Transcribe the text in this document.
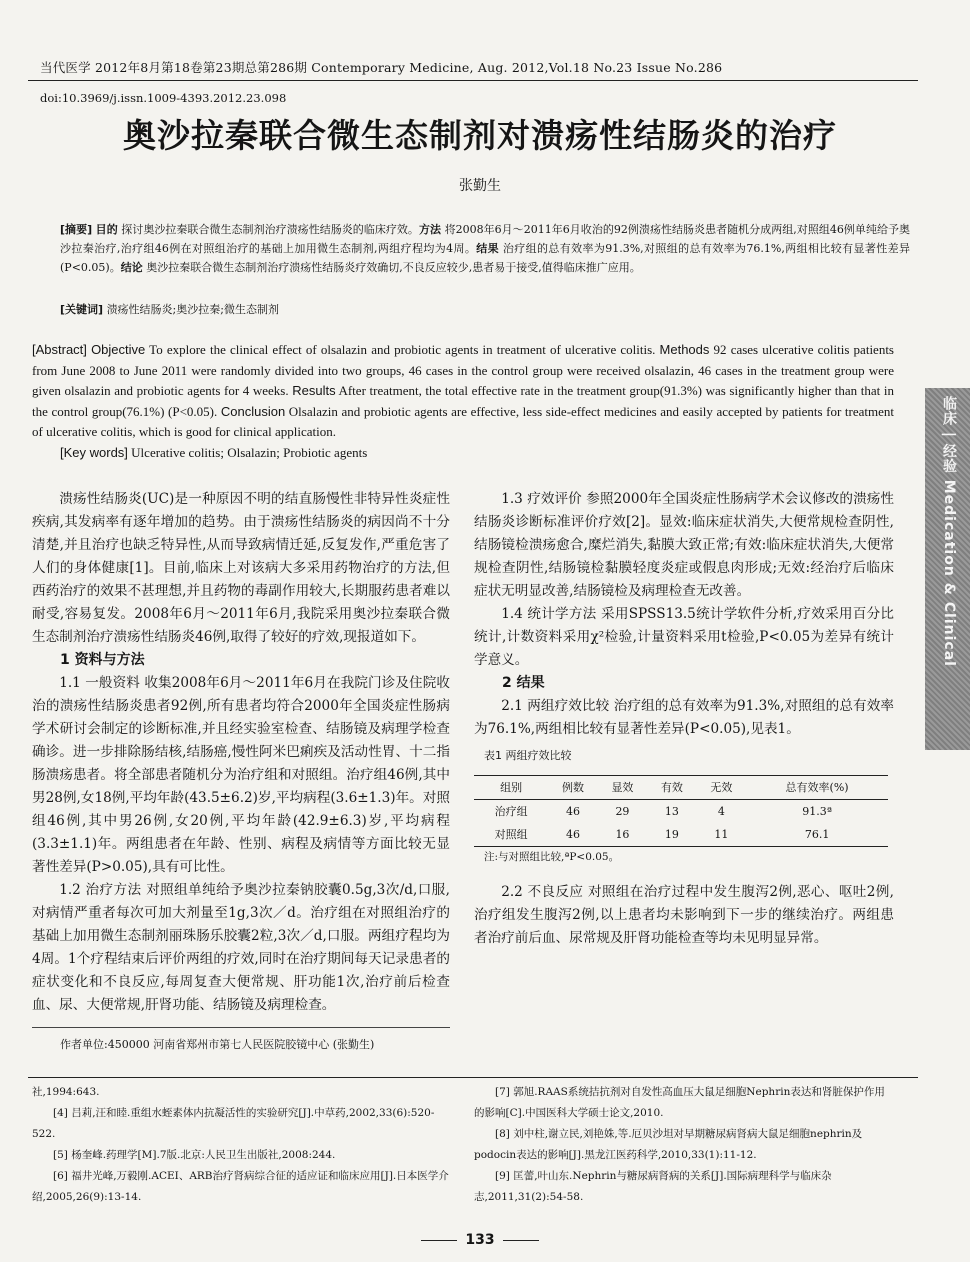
当代医学 2012年8月第18卷第23期总第286期 Contemporary Medicine, Aug. 2012,Vol.18 No.23 Issue No.286
doi:10.3969/j.issn.1009-4393.2012.23.098
奥沙拉秦联合微生态制剂对溃疡性结肠炎的治疗
张勤生
[摘要] 目的 探讨奥沙拉秦联合微生态制剂治疗溃疡性结肠炎的临床疗效。方法 将2008年6月～2011年6月收治的92例溃疡性结肠炎患者随机分成两组,对照组46例单纯给予奥沙拉秦治疗,治疗组46例在对照组治疗的基础上加用微生态制剂,两组疗程均为4周。结果 治疗组的总有效率为91.3%,对照组的总有效率为76.1%,两组相比较有显著性差异(P<0.05)。结论 奥沙拉秦联合微生态制剂治疗溃疡性结肠炎疗效确切,不良反应较少,患者易于接受,值得临床推广应用。
[关键词] 溃疡性结肠炎;奥沙拉秦;微生态制剂
[Abstract] Objective To explore the clinical effect of olsalazin and probiotic agents in treatment of ulcerative colitis. Methods 92 cases ulcerative colitis patients from June 2008 to June 2011 were randomly divided into two groups, 46 cases in the control group were received olsalazin, 46 cases in the treatment group were given olsalazin and probiotic agents for 4 weeks. Results After treatment, the total effective rate in the treatment group(91.3%) was significantly higher than that in the control group(76.1%) (P<0.05). Conclusion Olsalazin and probiotic agents are effective, less side-effect medicines and easily accepted by patients for treatment of ulcerative colitis, which is good for clinical application.
[Key words] Ulcerative colitis; Olsalazin; Probiotic agents

溃疡性结肠炎(UC)是一种原因不明的结直肠慢性非特异性炎症性疾病,其发病率有逐年增加的趋势。由于溃疡性结肠炎的病因尚不十分清楚,并且治疗也缺乏特异性,从而导致病情迁延,反复发作,严重危害了人们的身体健康[1]。目前,临床上对该病大多采用药物治疗的方法,但西药治疗的效果不甚理想,并且药物的毒副作用较大,长期服药患者难以耐受,容易复发。2008年6月～2011年6月,我院采用奥沙拉秦联合微生态制剂治疗溃疡性结肠炎46例,取得了较好的疗效,现报道如下。

1 资料与方法

1.1 一般资料 收集2008年6月～2011年6月在我院门诊及住院收治的溃疡性结肠炎患者92例,所有患者均符合2000年全国炎症性肠病学术研讨会制定的诊断标准,并且经实验室检查、结肠镜及病理学检查确诊。进一步排除肠结核,结肠癌,慢性阿米巴痢疾及活动性胃、十二指肠溃疡患者。将全部患者随机分为治疗组和对照组。治疗组46例,其中男28例,女18例,平均年龄(43.5±6.2)岁,平均病程(3.6±1.3)年。对照组46例,其中男26例,女20例,平均年龄(42.9±6.3)岁,平均病程(3.3±1.1)年。两组患者在年龄、性别、病程及病情等方面比较无显著性差异(P>0.05),具有可比性。

1.2 治疗方法 对照组单纯给予奥沙拉秦钠胶囊0.5g,3次/d,口服,对病情严重者每次可加大剂量至1g,3次／d。治疗组在对照组治疗的基础上加用微生态制剂丽珠肠乐胶囊2粒,3次／d,口服。两组疗程均为4周。1个疗程结束后评价两组的疗效,同时在治疗期间每天记录患者的症状变化和不良反应,每周复查大便常规、肝功能1次,治疗前后检查血、尿、大便常规,肝肾功能、结肠镜及病理检查。

1.3 疗效评价 参照2000年全国炎症性肠病学术会议修改的溃疡性结肠炎诊断标准评价疗效[2]。显效:临床症状消失,大便常规检查阴性,结肠镜检溃疡愈合,糜烂消失,黏膜大致正常;有效:临床症状消失,大便常规检查阴性,结肠镜检黏膜轻度炎症或假息肉形成;无效:经治疗后临床症状无明显改善,结肠镜检及病理检查无改善。

1.4 统计学方法 采用SPSS13.5统计学软件分析,疗效采用百分比统计,计数资料采用χ²检验,计量资料采用t检验,P<0.05为差异有统计学意义。

2 结果

2.1 两组疗效比较 治疗组的总有效率为91.3%,对照组的总有效率为76.1%,两组相比较有显著性差异(P<0.05),见表1。

表1 两组疗效比较
组别	例数	显效	有效	无效	总有效率(%)
治疗组	46	29	13	4	91.3ª
对照组	46	16	19	11	76.1
注:与对照组比较,ªP<0.05。

2.2 不良反应 对照组在治疗过程中发生腹泻2例,恶心、呕吐2例,治疗组发生腹泻2例,以上患者均未影响到下一步的继续治疗。两组患者治疗前后血、尿常规及肝肾功能检查等均未见明显异常。

作者单位:450000 河南省郑州市第七人民医院胶镜中心 (张勤生)

社,1994:643.

[4] 吕莉,汪和睦.重组水蛭素体内抗凝活性的实验研究[J].中草药,2002,33(6):520-522.

[5] 杨奎峰.药理学[M].7版.北京:人民卫生出版社,2008:244.

[6] 福井光峰,万毅刚.ACEI、ARB治疗肾病综合征的适应证和临床应用[J].日本医学介绍,2005,26(9):13-14.

[7] 郭旭.RAAS系统拮抗剂对自发性高血压大鼠足细胞Nephrin表达和肾脏保护作用的影响[C].中国医科大学硕士论文,2010.

[8] 刘中柱,谢立民,刘艳姝,等.厄贝沙坦对早期糖尿病肾病大鼠足细胞nephrin及podocin表达的影响[J].黑龙江医药科学,2010,33(1):11-12.

[9] 匡蕾,叶山东.Nephrin与糖尿病肾病的关系[J].国际病理科学与临床杂志,2011,31(2):54-58.

133
临床 | 经验 Medication & Clinical
